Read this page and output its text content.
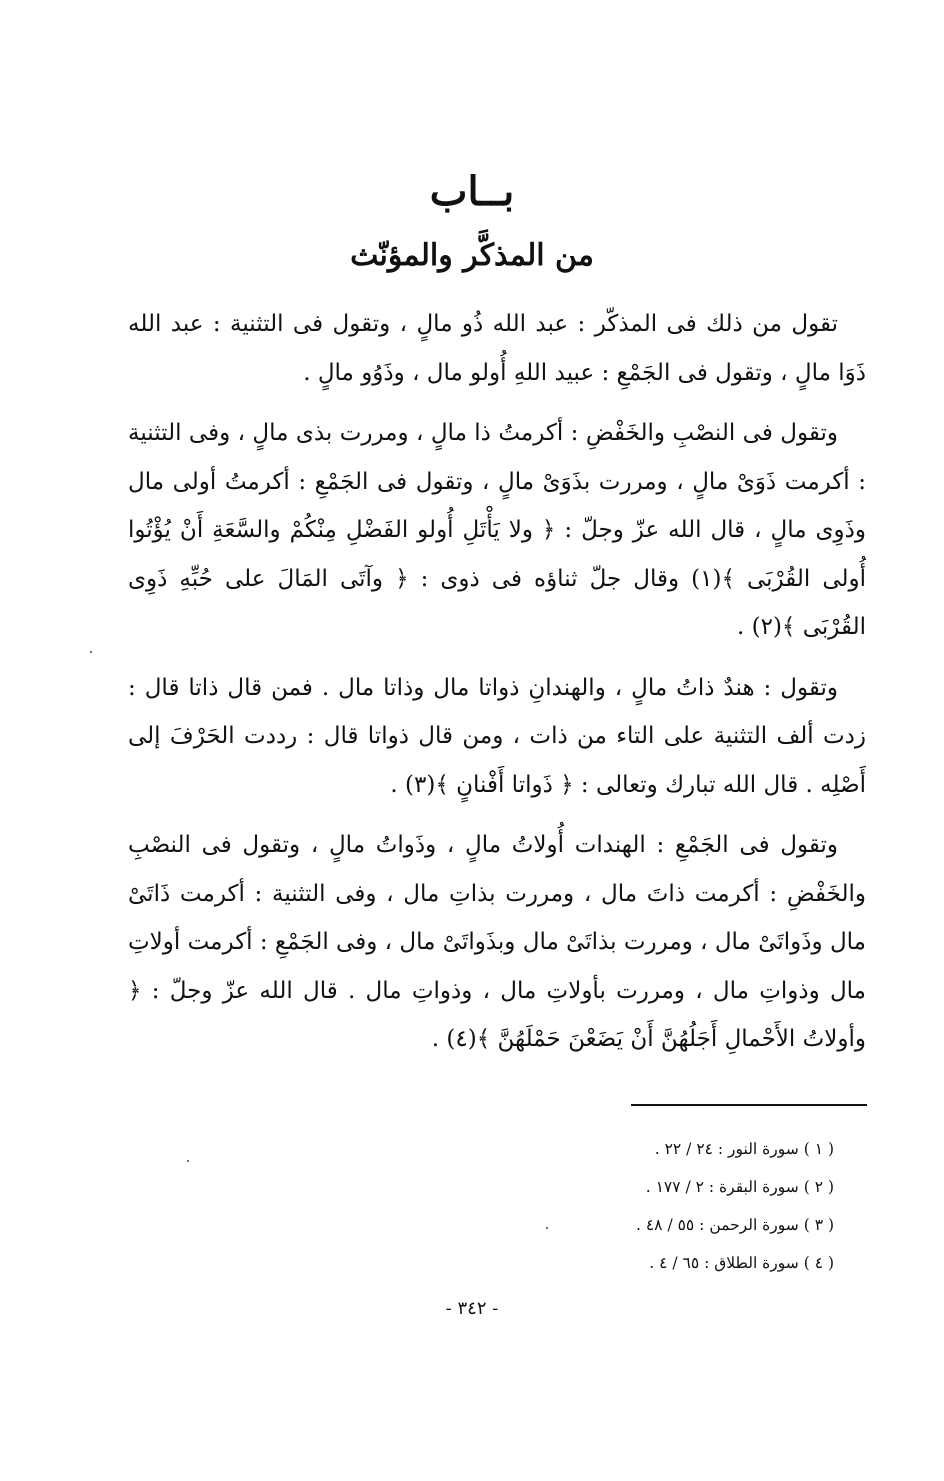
بــاب
من المذكَّر والمؤنّث

تقول من ذلك فى المذكّر : عبد الله ذُو مالٍ ، وتقول فى التثنية : عبد الله ذَوَا مالٍ ، وتقول فى الجَمْعِ : عبيد اللهِ أُولو مال ، وذَوُو مالٍ .

وتقول فى النصْبِ والخَفْضِ : أكرمتُ ذا مالٍ ، ومررت بذى مالٍ ، وفى التثنية : أكرمت ذَوَىْ مالٍ ، ومررت بذَوَىْ مالٍ ، وتقول فى الجَمْعِ : أكرمتُ أولى مال وذَوِى مالٍ ، قال الله عزّ وجلّ : ﴿ ولا يَأْتَلِ أُولو الفَضْلِ مِنْكُمْ والسَّعَةِ أَنْ يُؤْتُوا أُولى القُرْبَى ﴾(١) وقال جلّ ثناؤه فى ذوى : ﴿ وآتَى المَالَ على حُبِّهِ ذَوِى القُرْبَى ﴾(٢) .

وتقول : هندٌ ذاتُ مالٍ ، والهندانِ ذواتا مال وذاتا مال . فمن قال ذاتا قال : زدت ألف التثنية على التاء من ذات ، ومن قال ذواتا قال : رددت الحَرْفَ إلى أَصْلِه . قال الله تبارك وتعالى : ﴿ ذَواتا أَفْنانٍ ﴾(٣) .

وتقول فى الجَمْعِ : الهندات أُولاتُ مالٍ ، وذَواتُ مالٍ ، وتقول فى النصْبِ والخَفْضِ : أكرمت ذاتَ مال ، ومررت بذاتِ مال ، وفى التثنية : أكرمت ذَاتَىْ مال وذَواتَىْ مال ، ومررت بذاتَىْ مال وبذَواتَىْ مال ، وفى الجَمْعِ : أكرمت أولاتِ مال وذواتِ مال ، ومررت بأولاتِ مال ، وذواتِ مال . قال الله عزّ وجلّ : ﴿ وأولاتُ الأَحْمالِ أَجَلُهُنَّ أَنْ يَضَعْنَ حَمْلَهُنَّ ﴾(٤) .

( ١ ) سورة النور : ٢٤ / ٢٢ .
( ٢ ) سورة البقرة : ٢ / ١٧٧ .
( ٣ ) سورة الرحمن : ٥٥ / ٤٨ .
( ٤ ) سورة الطلاق : ٦٥ / ٤ .
- ٣٤٢ -
